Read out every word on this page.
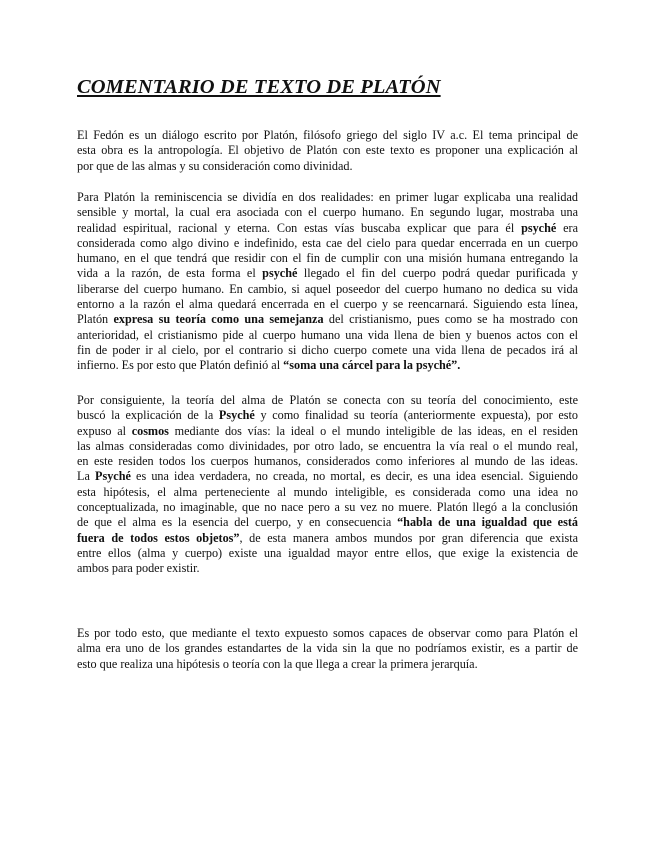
COMENTARIO DE TEXTO DE PLATÓN
El Fedón es un diálogo escrito por Platón, filósofo griego del siglo IV a.c. El tema principal de
esta obra es la antropología. El objetivo de Platón con este texto es proponer una explicación al
por que de las almas y su consideración como divinidad.
Para Platón la reminiscencia se dividía en dos realidades: en primer lugar explicaba una realidad
sensible y mortal, la cual era asociada con el cuerpo humano. En segundo lugar, mostraba una
realidad espiritual, racional y eterna. Con estas vías buscaba explicar que para él psyché era
considerada como algo divino e indefinido, esta cae del cielo para quedar encerrada en un cuerpo
humano, en el que tendrá que residir con el fin de cumplir con una misión humana entregando la
vida a la razón, de esta forma el psyché llegado el fin del cuerpo podrá quedar purificada y
liberarse del cuerpo humano. En cambio, si aquel poseedor del cuerpo humano no dedica su vida
entorno a la razón el alma quedará encerrada en el cuerpo y se reencarnará. Siguiendo esta línea,
Platón expresa su teoría como una semejanza del cristianismo, pues como se ha mostrado con
anterioridad, el cristianismo pide al cuerpo humano una vida llena de bien y buenos actos con el
fin de poder ir al cielo, por el contrario si dicho cuerpo comete una vida llena de pecados irá al
infierno. Es por esto que Platón definió al “soma una cárcel para la psyché”.
Por consiguiente, la teoría del alma de Platón se conecta con su teoría del conocimiento, este
buscó la explicación de la Psyché y como finalidad su teoría (anteriormente expuesta), por esto
expuso al cosmos mediante dos vías: la ideal o el mundo inteligible de las ideas, en el residen
las almas consideradas como divinidades, por otro lado, se encuentra la vía real o el mundo real,
en este residen todos los cuerpos humanos, considerados como inferiores al mundo de las ideas.
La Psyché es una idea verdadera, no creada, no mortal, es decir, es una idea esencial. Siguiendo
esta hipótesis, el alma perteneciente al mundo inteligible, es considerada como una idea no
conceptualizada, no imaginable, que no nace pero a su vez no muere. Platón llegó a la conclusión
de que el alma es la esencia del cuerpo, y en consecuencia “habla de una igualdad que está
fuera de todos estos objetos”, de esta manera ambos mundos por gran diferencia que exista
entre ellos (alma y cuerpo) existe una igualdad mayor entre ellos, que exige la existencia de
ambos para poder existir.
Es por todo esto, que mediante el texto expuesto somos capaces de observar como para Platón el
alma era uno de los grandes estandartes de la vida sin la que no podríamos existir, es a partir de
esto que realiza una hipótesis o teoría con la que llega a crear la primera jerarquía.
